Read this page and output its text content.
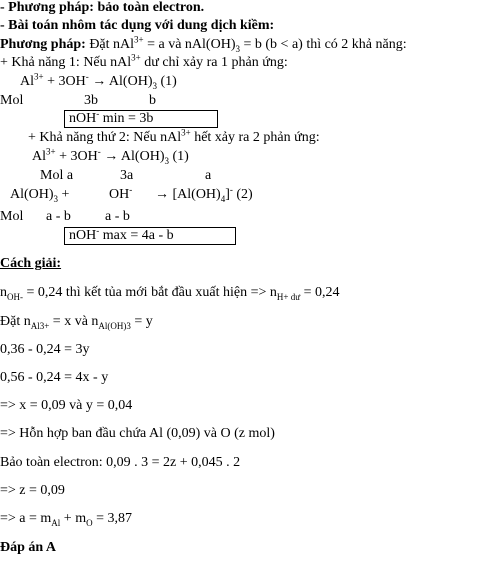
- Phương pháp: bảo toàn electron.
- Bài toán nhôm tác dụng với dung dịch kiềm:
Phương pháp: Đặt nAl$^{3+}$ = a và $nAl(OH)_3 = b$ (b < a) thì có 2 khả năng:
+ Khả năng 1: Nếu nAl$^{3+}$ dư chỉ xảy ra 1 phản ứng:
$Al^{3+} + 3OH^- \to Al(OH)_3$ (1)
Mol	3b	b
nOH- min = 3b
+ Khả năng thứ 2: Nếu nAl$^{3+}$ hết xảy ra 2 phản ứng:
$Al^{3+} + 3OH^- \to Al(OH)_3$ (1)
Mol a	3a	a
$Al(OH)_3$ +	$OH^- \to [Al(OH)_4]^-$ (2)
Mol a - b a - b
nOH- max = 4a - b
Cách giải:
$n_{OH-} = 0,24$ thì kết tủa mới bắt đầu xuất hiện => $n_{H+ dư} = 0,24$
Đặt $n_{Al3+} = x$ và $n_{Al(OH)3} = y$
0,36 - 0,24 = 3y
0,56 - 0,24 = 4x - y
=> x = 0,09 và y = 0,04
=> Hỗn hợp ban đầu chứa Al (0,09) và O (z mol)
Bảo toàn electron: 0,09 . 3 = 2z + 0,045 . 2
=> z = 0,09
=> $a = m_{Al} + m_O = 3,87$
Đáp án A
